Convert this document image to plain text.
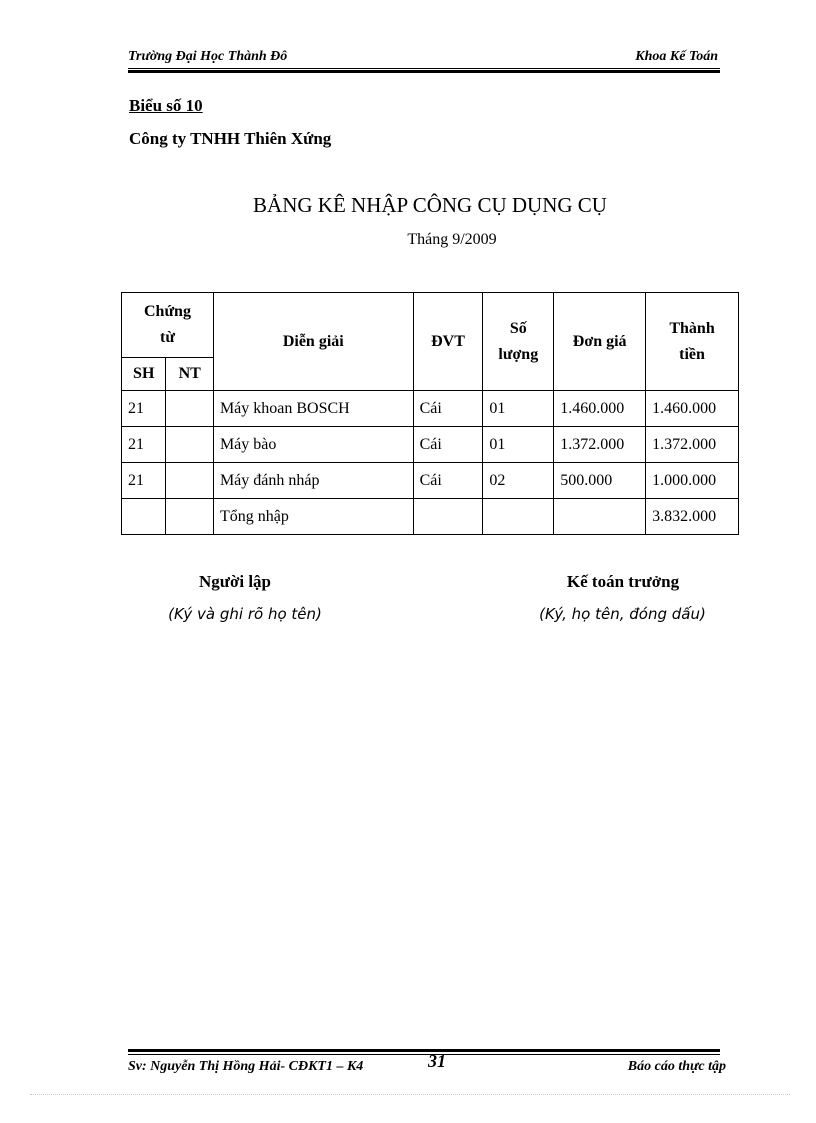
Trường Đại Học Thành Đô	Khoa Kế Toán
Biểu số 10
Công ty TNHH Thiên Xứng
BẢNG KÊ NHẬP CÔNG CỤ DỤNG CỤ
Tháng 9/2009
Chứng từ		Diễn giải	ĐVT	Số lượng	Đơn giá	Thành tiền
SH	NT					
21		Máy khoan BOSCH	Cái	01	1.460.000	1.460.000
21		Máy bào	Cái	01	1.372.000	1.372.000
21		Máy đánh nháp	Cái	02	500.000	1.000.000
		Tổng nhập				3.832.000
Người lập
(Ký và ghi rõ họ tên)
Kế toán trưởng
(Ký, họ tên, đóng dấu)
Sv: Nguyễn Thị Hồng Hải- CĐKT1 – K4	31	Báo cáo thực tập
